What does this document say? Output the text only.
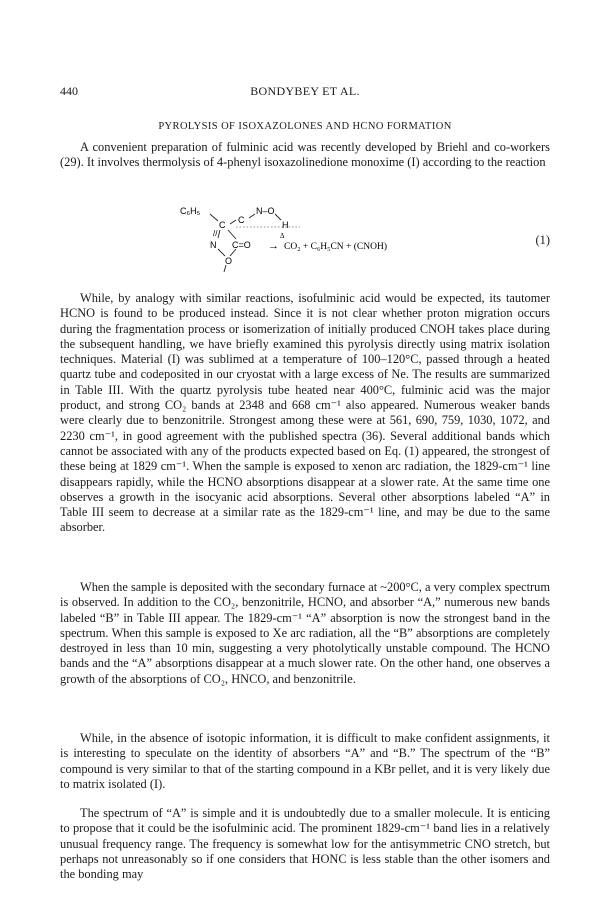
440	BONDYBEY ET AL.
PYROLYSIS OF ISOXAZOLONES AND HCNO FORMATION

A convenient preparation of fulminic acid was recently developed by Briehl and co-workers (29). It involves thermolysis of 4-phenyl isoxazolinedione monoxime (I) according to the reaction

C₆H₅
C C
N–O
H
//
N C=O
O
Δ
→ CO₂ + C₆H₅CN + (CNOH)	(1)

While, by analogy with similar reactions, isofulminic acid would be expected, its tautomer HCNO is found to be produced instead. Since it is not clear whether proton migration occurs during the fragmentation process or isomerization of initially produced CNOH takes place during the subsequent handling, we have briefly examined this pyrolysis directly using matrix isolation techniques. Material (I) was sublimed at a temperature of 100–120°C, passed through a heated quartz tube and codeposited in our cryostat with a large excess of Ne. The results are summarized in Table III. With the quartz pyrolysis tube heated near 400°C, fulminic acid was the major product, and strong CO₂ bands at 2348 and 668 cm⁻¹ also appeared. Numerous weaker bands were clearly due to benzonitrile. Strongest among these were at 561, 690, 759, 1030, 1072, and 2230 cm⁻¹, in good agreement with the published spectra (36). Several additional bands which cannot be associated with any of the products expected based on Eq. (1) appeared, the strongest of these being at 1829 cm⁻¹. When the sample is exposed to xenon arc radiation, the 1829-cm⁻¹ line disappears rapidly, while the HCNO absorptions disappear at a slower rate. At the same time one observes a growth in the isocyanic acid absorptions. Several other absorptions labeled “A” in Table III seem to decrease at a similar rate as the 1829-cm⁻¹ line, and may be due to the same absorber.

When the sample is deposited with the secondary furnace at ~200°C, a very complex spectrum is observed. In addition to the CO₂, benzonitrile, HCNO, and absorber “A,” numerous new bands labeled “B” in Table III appear. The 1829-cm⁻¹ “A” absorption is now the strongest band in the spectrum. When this sample is exposed to Xe arc radiation, all the “B” absorptions are completely destroyed in less than 10 min, suggesting a very photolytically unstable compound. The HCNO bands and the “A” absorptions disappear at a much slower rate. On the other hand, one observes a growth of the absorptions of CO₂, HNCO, and benzonitrile.

While, in the absence of isotopic information, it is difficult to make confident assignments, it is interesting to speculate on the identity of absorbers “A” and “B.” The spectrum of the “B” compound is very similar to that of the starting compound in a KBr pellet, and it is very likely due to matrix isolated (I).

The spectrum of “A” is simple and it is undoubtedly due to a smaller molecule. It is enticing to propose that it could be the isofulminic acid. The prominent 1829-cm⁻¹ band lies in a relatively unusual frequency range. The frequency is somewhat low for the antisymmetric CNO stretch, but perhaps not unreasonably so if one considers that HONC is less stable than the other isomers and the bonding may
